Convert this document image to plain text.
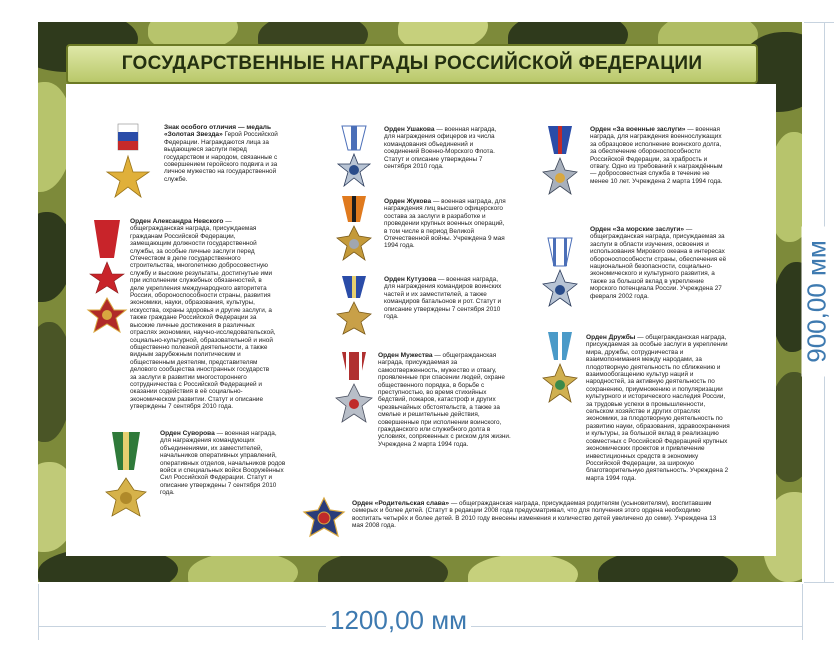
ГОСУДАРСТВЕННЫЕ НАГРАДЫ РОССИЙСКОЙ ФЕДЕРАЦИИ
Знак особого отличия — медаль «Золотая Звезда» Герой Российской Федерации. Награждаются лица за выдающиеся заслуги перед государством и народом, связанные с совершением геройского подвига и за личное мужество на государственной службе.
Орден Александра Невского — общегражданская награда, присуждаемая гражданам Российской Федерации, замещающим должности государственной службы, за особые личные заслуги перед Отечеством в деле государственного строительства, многолетнюю добросовестную службу и высокие результаты, достигнутые ими при исполнении служебных обязанностей, в деле укрепления международного авторитета России, обороноспособности страны, развития экономики, науки, образования, культуры, искусства, охраны здоровья и другие заслуги, а также гражданe Российской Федерации за высокие личные достижения в различных отраслях экономики, научно-исследовательской, социально-культурной, образовательной и иной общественно полезной деятельности, а также видным зарубежным политическим и общественным деятелям, представителям делового сообщества иностранных государств за заслуги в развитии многостороннего сотрудничества с Российской Федерацией и оказании содействия в её социально-экономическом развитии. Статут и описание утверждены 7 сентября 2010 года.
Орден Суворова — военная награда, для награждения командующих объединениями, их заместителей, начальников оперативных управлений, оперативных отделов, начальников родов войск и специальных войск Вооружённых Сил Российской Федерации. Статут и описание утверждены 7 сентября 2010 года.
Орден Ушакова — военная награда, для награждения офицеров из числа командования объединений и соединений Военно-Морского Флота. Статут и описание утверждены 7 сентября 2010 года.
Орден Жукова — военная награда, для награждения лиц высшего офицерского состава за заслуги в разработке и проведении крупных военных операций, в том числе в период Великой Отечественной войны. Учреждена 9 мая 1994 года.
Орден Кутузова — военная награда, для награждения командиров воинских частей и их заместителей, а также командиров батальонов и рот. Статут и описание утверждены 7 сентября 2010 года.
Орден Мужества — общегражданская награда, присуждаемая за самоотверженность, мужество и отвагу, проявленные при спасении людей, охране общественного порядка, в борьбе с преступностью, во время стихийных бедствий, пожаров, катастроф и других чрезвычайных обстоятельств, а также за смелые и решительные действия, совершенные при исполнении воинского, гражданского или служебного долга в условиях, сопряженных с риском для жизни. Учреждена 2 марта 1994 года.
Орден «За военные заслуги» — военная награда, для награждения военнослужащих за образцовое исполнение воинского долга, за обеспечение обороноспособности Российской Федерации, за храбрость и отвагу. Одно из требований к награждённым — добросовестная служба в течение не менее 10 лет. Учреждена 2 марта 1994 года.
Орден «За морские заслуги» — общегражданская награда, присуждаемая за заслуги в области изучения, освоения и использования Мирового океана в интересах обороноспособности страны, обеспечения её национальной безопасности, социально-экономического и культурного развития, а также за большой вклад в укрепление морского потенциала России. Учреждена 27 февраля 2002 года.
Орден Дружбы — общегражданская награда, присуждаемая за особые заслуги в укреплении мира, дружбы, сотрудничества и взаимопонимания между народами, за плодотворную деятельность по сближению и взаимообогащению культур наций и народностей, за активную деятельность по сохранению, приумножению и популяризации культурного и исторического наследия России, за трудовые успехи в промышленности, сельском хозяйстве и других отраслях экономики, за плодотворную деятельность по развитию науки, образования, здравоохранения и культуры, за большой вклад в реализацию совместных с Российской Федерацией крупных экономических проектов и привлечение инвестиционных средств в экономику Российской Федерации, за широкую благотворительную деятельность. Учреждена 2 марта 1994 года.
Орден «Родительская слава» — общегражданская награда, присуждаемая родителям (усыновителям), воспитавшим семерых и более детей. (Статут в редакции 2008 года предусматривал, что для получения этого ордена необходимо воспитать четырёх и более детей. В 2010 году внесены изменения и количество детей увеличено до семи). Учреждена 13 мая 2008 года.
1200,00 мм
900,00 мм
